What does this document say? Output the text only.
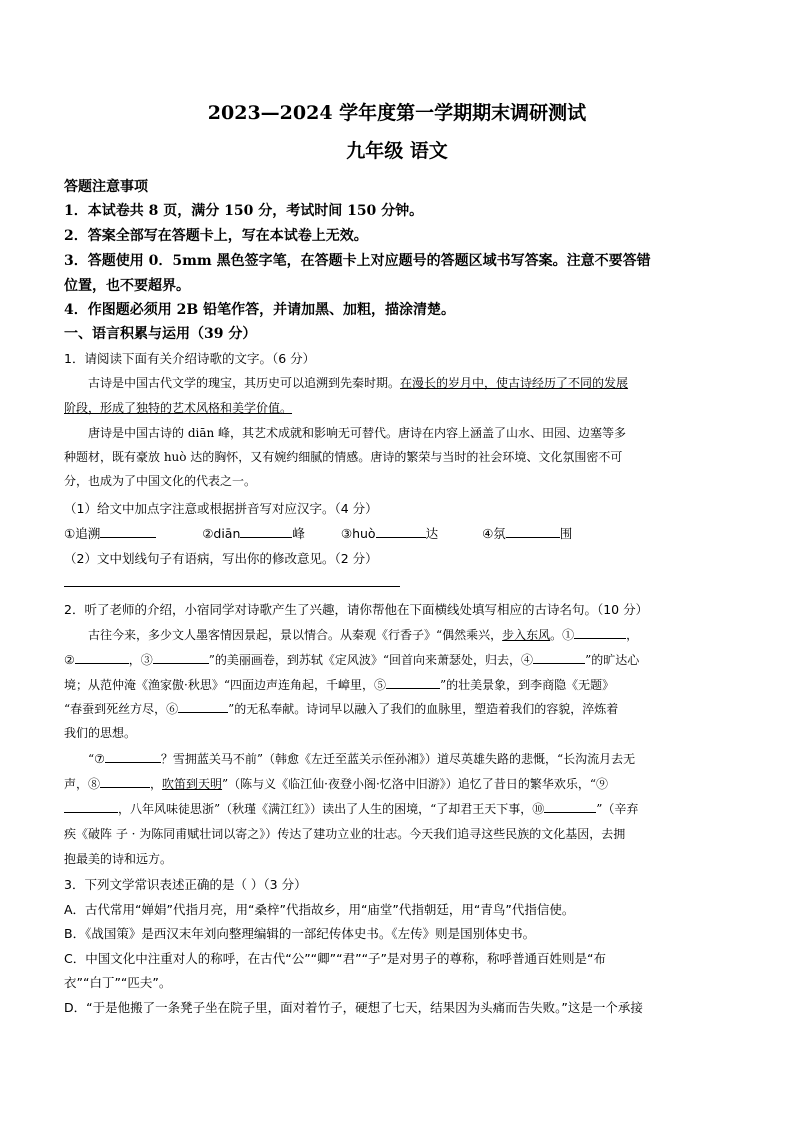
2023—2024 学年度第一学期期末调研测试
九年级 语文
答题注意事项
1．本试卷共 8 页，满分 150 分，考试时间 150 分钟。
2．答案全部写在答题卡上，写在本试卷上无效。
3．答题使用 0．5mm 黑色签字笔，在答题卡上对应题号的答题区域书写答案。注意不要答错
位置，也不要超界。
4．作图题必须用 2B 铅笔作答，并请加黑、加粗，描涂清楚。
一、语言积累与运用（39 分）
1．请阅读下面有关介绍诗歌的文字。（6 分）
古诗是中国古代文学的瑰宝，其历史可以追溯到先秦时期。在漫长的岁月中，使古诗经历了不同的发展
阶段，形成了独特的艺术风格和美学价值。
唐诗是中国古诗的 diān 峰，其艺术成就和影响无可替代。唐诗在内容上涵盖了山水、田园、边塞等多
种题材，既有豪放 huò 达的胸怀，又有婉约细腻的情感。唐诗的繁荣与当时的社会环境、文化氛围密不可
分，也成为了中国文化的代表之一。
（1）给文中加点字注意或根据拼音写对应汉字。（4 分）
①追溯	②diān	峰	③huò	达	④氛	围
（2）文中划线句子有语病，写出你的修改意见。（2 分）
2．听了老师的介绍，小宿同学对诗歌产生了兴趣，请你帮他在下面横线处填写相应的古诗名句。（10 分）
古往今来，多少文人墨客情因景起，景以情合。从秦观《行香子》“偶然乘兴，步入东风。①	，
②	，③	”的美丽画卷，到苏轼《定风波》“回首向来萧瑟处，归去，④	”的旷达心
境；从范仲淹《渔家傲·秋思》“四面边声连角起，千嶂里，⑤	”的壮美景象，到李商隐《无题》
“春蚕到死丝方尽，⑥	”的无私奉献。诗词早以融入了我们的血脉里，塑造着我们的容貌，淬炼着
我们的思想。
“⑦	？雪拥蓝关马不前”（韩愈《左迁至蓝关示侄孙湘》）道尽英雄失路的悲慨，“长沟流月去无
声，⑧	，吹笛到天明”（陈与义《临江仙·夜登小阁·忆洛中旧游》）追忆了昔日的繁华欢乐，“⑨
，八年风味徒思浙”（秋瑾《满江红》）读出了人生的困境，“了却君王天下事，⑩	”（辛弃
疾《破阵 子 · 为陈同甫赋壮词以寄之》）传达了建功立业的壮志。今天我们追寻这些民族的文化基因，去拥
抱最美的诗和远方。
3．下列文学常识表述正确的是（ ）（3 分）
A．古代常用“婵娟”代指月亮，用“桑梓”代指故乡，用“庙堂”代指朝廷，用“青鸟”代指信使。
B．《战国策》是西汉末年刘向整理编辑的一部纪传体史书。《左传》则是国别体史书。
C．中国文化中注重对人的称呼，在古代“公”“卿”“君”“子”是对男子的尊称，称呼普通百姓则是“布
衣”“白丁”“匹夫”。
D．“于是他搬了一条凳子坐在院子里，面对着竹子，硬想了七天，结果因为头痛而告失败。”这是一个承接
